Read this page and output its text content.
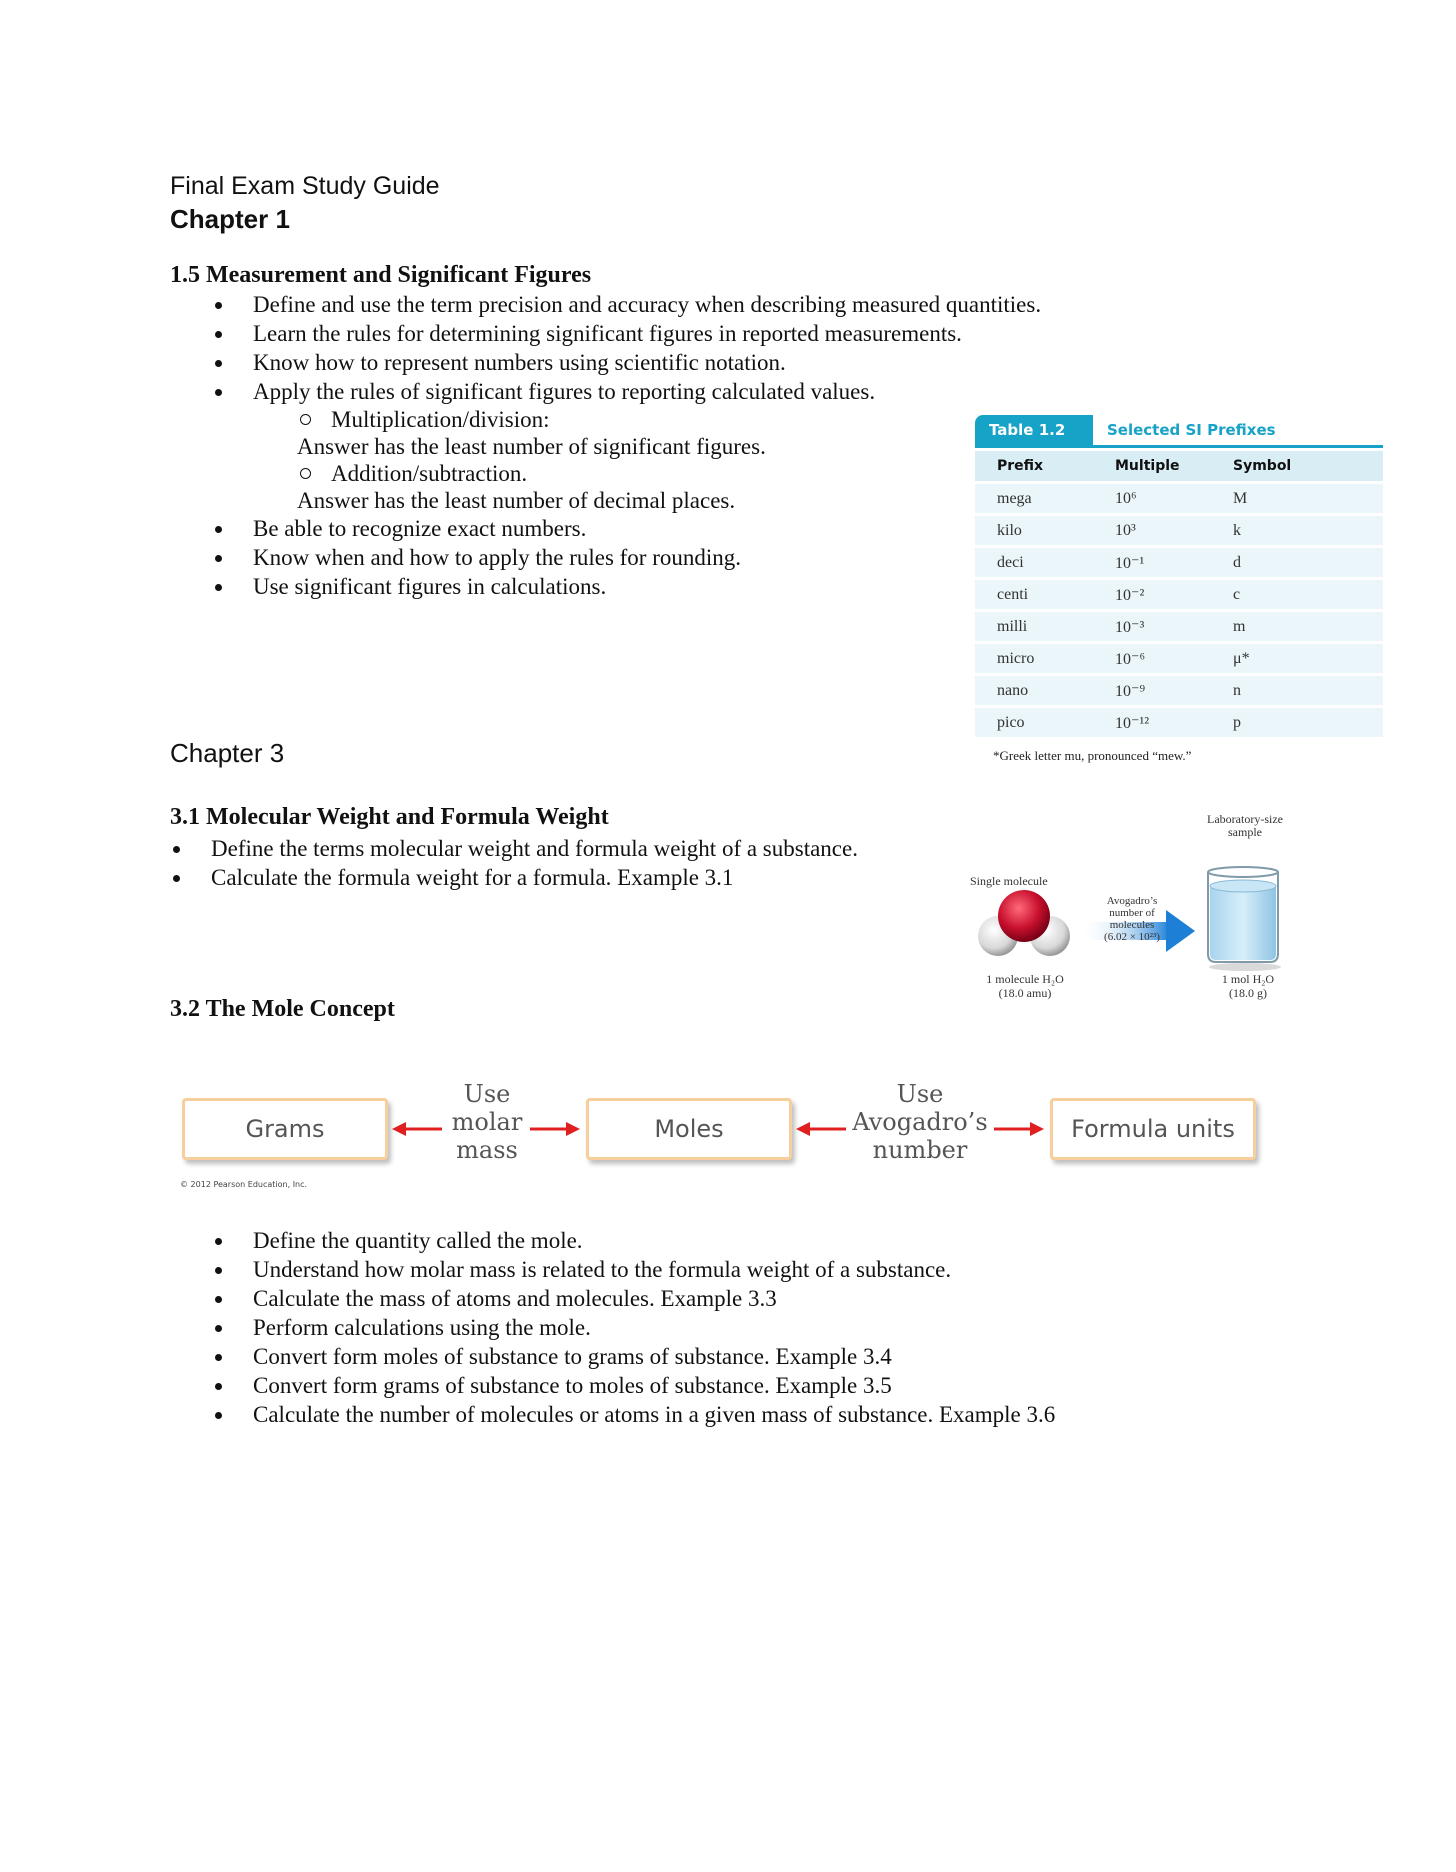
Final Exam Study Guide
Chapter 1
1.5 Measurement and Significant Figures
Define and use the term precision and accuracy when describing measured quantities.
Learn the rules for determining significant figures in reported measurements.
Know how to represent numbers using scientific notation.
Apply the rules of significant figures to reporting calculated values.
Multiplication/division:
Answer has the least number of significant figures.
Addition/subtraction.
Answer has the least number of decimal places.
Be able to recognize exact numbers.
Know when and how to apply the rules for rounding.
Use significant figures in calculations.
Table 1.2	Selected SI Prefixes
Prefix	Multiple	Symbol
mega	10⁶	M
kilo	10³	k
deci	10⁻¹	d
centi	10⁻²	c
milli	10⁻³	m
micro	10⁻⁶	μ*
nano	10⁻⁹	n
pico	10⁻¹²	p
*Greek letter mu, pronounced “mew.”
Chapter 3
3.1 Molecular Weight and Formula Weight
Define the terms molecular weight and formula weight of a substance.
Calculate the formula weight for a formula. Example 3.1	Single molecule
Laboratory-size
sample
Avogadro’s
number of
molecules
(6.02 × 10²³)
1 molecule H₂O
(18.0 amu)
1 mol H₂O
(18.0 g)
3.2 The Mole Concept
Grams	Moles	Formula units
Use
molar
mass
Use
Avogadro’s
number
© 2012 Pearson Education, Inc.
Define the quantity called the mole.
Understand how molar mass is related to the formula weight of a substance.
Calculate the mass of atoms and molecules. Example 3.3
Perform calculations using the mole.
Convert form moles of substance to grams of substance. Example 3.4
Convert form grams of substance to moles of substance. Example 3.5
Calculate the number of molecules or atoms in a given mass of substance. Example 3.6
